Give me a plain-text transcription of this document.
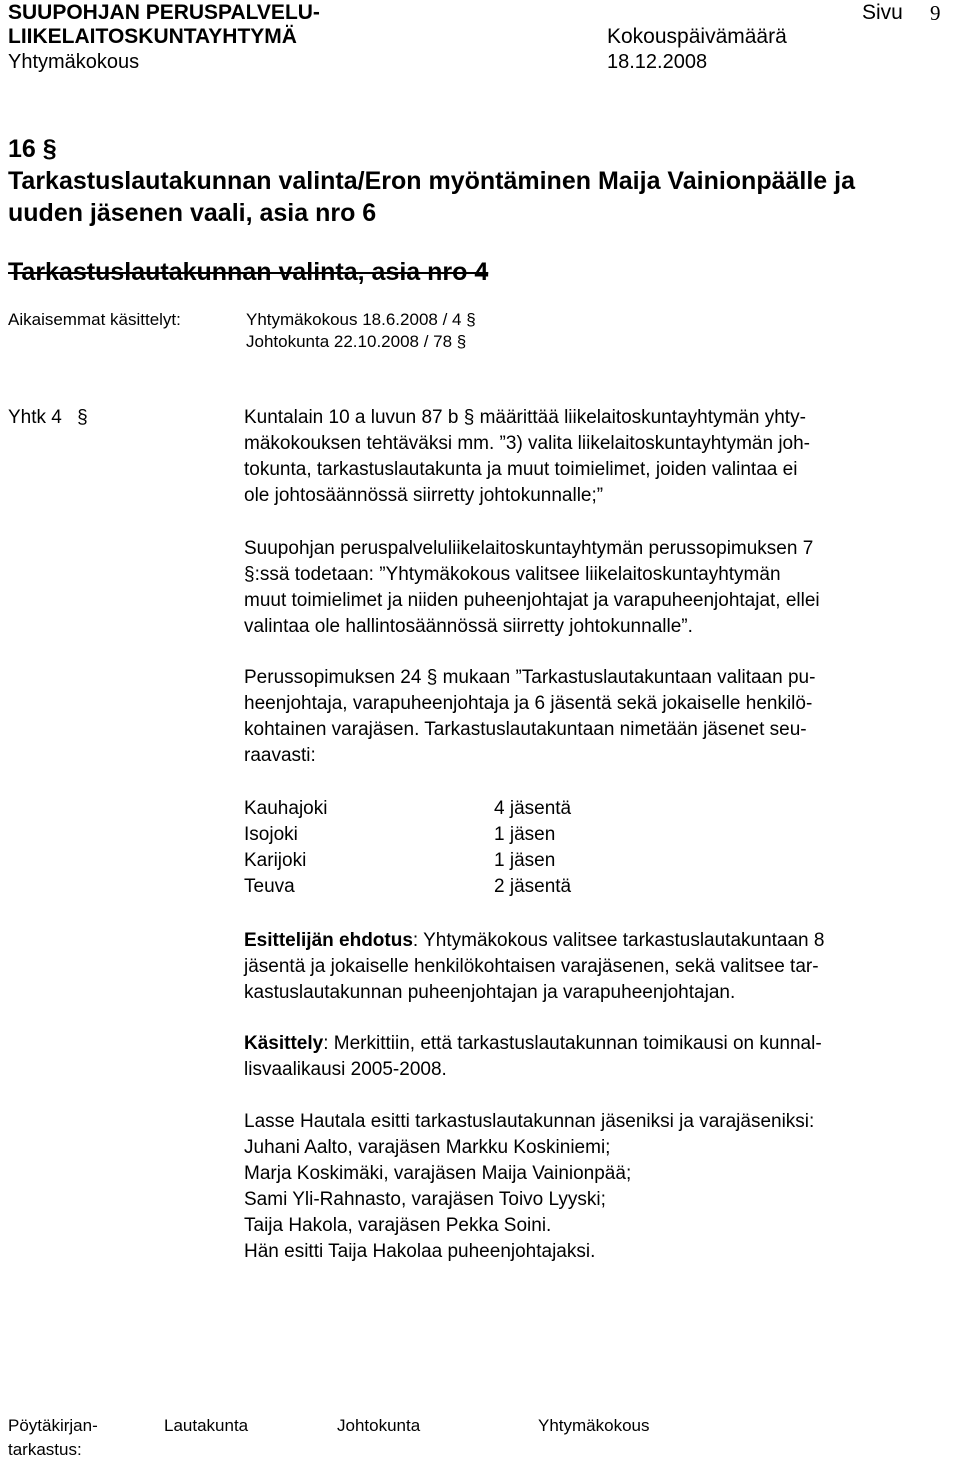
SUUPOHJAN PERUSPALVELU-
LIIKELAITOSKUNTAYHTYMÄ
Yhtymäkokous
Sivu 9
Kokouspäivämäärä
18.12.2008
16 §
Tarkastuslautakunnan valinta/Eron myöntäminen Maija Vainionpäälle ja
uuden jäsenen vaali, asia nro 6
Tarkastuslautakunnan valinta, asia nro 4
Aikaisemmat käsittelyt:	Yhtymäkokous 18.6.2008 / 4 §
Johtokunta 22.10.2008 / 78 §
Yhtk 4 §	Kuntalain 10 a luvun 87 b § määrittää liikelaitoskuntayhtymän yhty-

mäkokouksen tehtäväksi mm. ”3) valita liikelaitoskuntayhtymän joh-

tokunta, tarkastuslautakunta ja muut toimielimet, joiden valintaa ei

ole johtosäännössä siirretty johtokunnalle;”

Suupohjan peruspalveluliikelaitoskuntayhtymän perussopimuksen 7

§:ssä todetaan: ”Yhtymäkokous valitsee liikelaitoskuntayhtymän

muut toimielimet ja niiden puheenjohtajat ja varapuheenjohtajat, ellei

valintaa ole hallintosäännössä siirretty johtokunnalle”.

Perussopimuksen 24 § mukaan ”Tarkastuslautakuntaan valitaan pu-

heenjohtaja, varapuheenjohtaja ja 6 jäsentä sekä jokaiselle henkilö-

kohtainen varajäsen. Tarkastuslautakuntaan nimetään jäsenet seu-

raavasti:

Kauhajoki	4 jäsentä
Isojoki	1 jäsen
Karijoki	1 jäsen
Teuva	2 jäsentä

Esittelijän ehdotus: Yhtymäkokous valitsee tarkastuslautakuntaan 8

jäsentä ja jokaiselle henkilökohtaisen varajäsenen, sekä valitsee tar-

kastuslautakunnan puheenjohtajan ja varapuheenjohtajan.

Käsittely: Merkittiin, että tarkastuslautakunnan toimikausi on kunnal-

lisvaalikausi 2005-2008.

Lasse Hautala esitti tarkastuslautakunnan jäseniksi ja varajäseniksi:

Juhani Aalto, varajäsen Markku Koskiniemi;

Marja Koskimäki, varajäsen Maija Vainionpää;

Sami Yli-Rahnasto, varajäsen Toivo Lyyski;

Taija Hakola, varajäsen Pekka Soini.

Hän esitti Taija Hakolaa puheenjohtajaksi.

Pöytäkirjan-
tarkastus:
Lautakunta	Johtokunta	Yhtymäkokous
